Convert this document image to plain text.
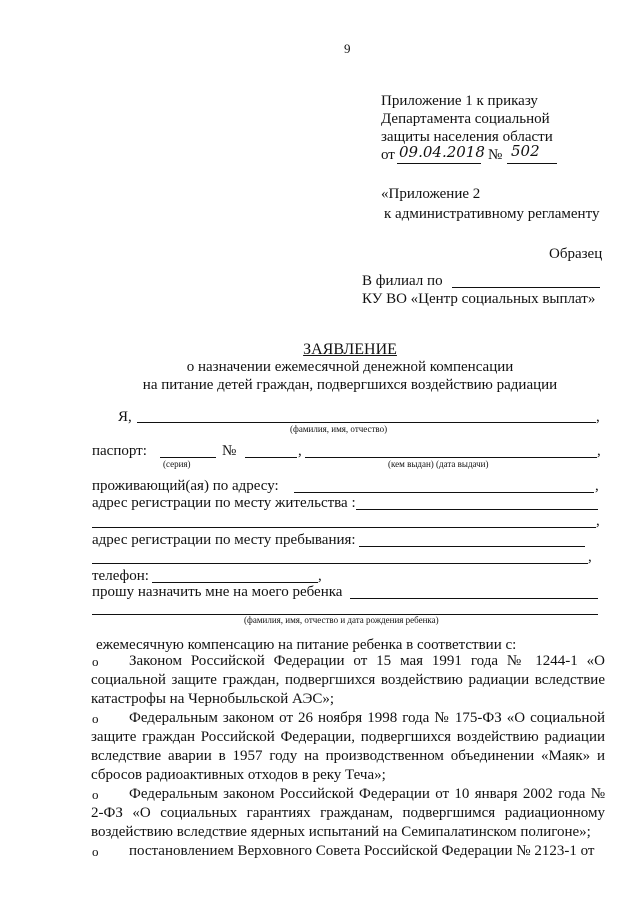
9
Приложение 1 к приказу
Департамента социальной
защиты населения области
от 09.04.2018 № 502
«Приложение 2
к административному регламенту
Образец
В филиал по
КУ ВО «Центр социальных выплат»
ЗАЯВЛЕНИЕ
о назначении ежемесячной денежной компенсации
на питание детей граждан, подвергшихся воздействию радиации
Я,	,
(фамилия, имя, отчество)
паспорт:	№	,	,
(серия)	(кем выдан) (дата выдачи)
проживающий(ая) по адресу:	,
адрес регистрации по месту жительства :
,
адрес регистрации по месту пребывания:
,
телефон:	,
прошу назначить мне на моего ребенка
(фамилия, имя, отчество и дата рождения ребенка)
ежемесячную компенсацию на питание ребенка в соответствии с:
o	Законом Российской Федерации от 15 мая 1991 года № 1244-1 «О социальной защите граждан, подвергшихся воздействию радиации вследствие катастрофы на Чернобыльской АЭС»;
o	Федеральным законом от 26 ноября 1998 года № 175-ФЗ «О социальной защите граждан Российской Федерации, подвергшихся воздействию радиации вследствие аварии в 1957 году на производственном объединении «Маяк» и сбросов радиоактивных отходов в реку Теча»;
o	Федеральным законом Российской Федерации от 10 января 2002 года № 2-ФЗ «О социальных гарантиях гражданам, подвергшимся радиационному воздействию вследствие ядерных испытаний на Семипалатинском полигоне»;
o	постановлением Верховного Совета Российской Федерации № 2123-1 от
